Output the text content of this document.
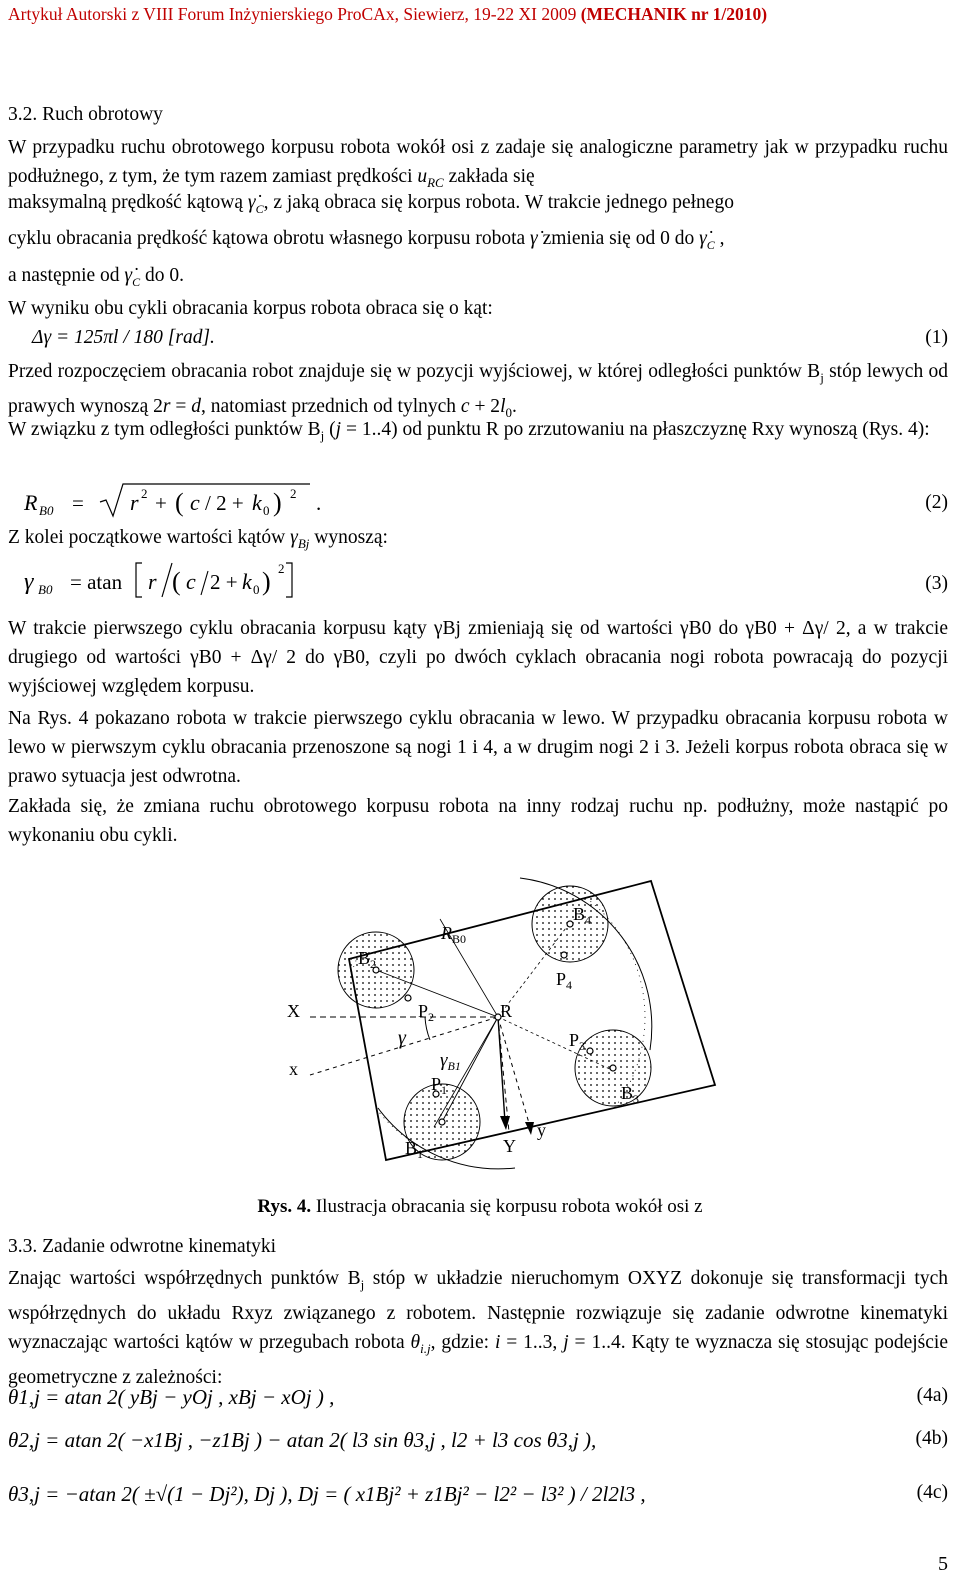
Artykuł Autorski z VIII Forum Inżynierskiego ProCAx, Siewierz, 19-22 XI 2009 (MECHANIK nr 1/2010)
3.2. Ruch obrotowy
W przypadku ruchu obrotowego korpusu robota wokół osi z zadaje się analogiczne parametry jak w przypadku ruchu podłużnego, z tym, że tym razem zamiast prędkości $u_{RC}$ zakłada się
maksymalną prędkość kątową $\gammȧ_C$, z jaką obraca się korpus robota. W trakcie jednego pełnego
cyklu obracania prędkość kątowa obrotu własnego korpusu robota γ̇ zmienia się od 0 do $\gammȧ_C$ ,
a następnie od $\gammȧ_C$ do 0.
W wyniku obu cykli obracania korpus robota obraca się o kąt:
Δγ = 125πl / 180 [rad].	(1)
Przed rozpoczęciem obracania robot znajduje się w pozycji wyjściowej, w której odległości punktów $B_j$ stóp lewych od prawych wynoszą 2r = d, natomiast przednich od tylnych $c + 2l_0$.
W związku z tym odległości punktów $B_j$ (j = 1..4) od punktu R po zrzutowaniu na płaszczyznę Rxy wynoszą (Rys. 4):
R B0 = r 2 + ( c / 2 + k 0 ) 2 .	(2)
Z kolei początkowe wartości kątów $\gamma_{Bj}$ wynoszą:
γ B0 = atan r ( c 2 + k 0 ) 2
(3)
W trakcie pierwszego cyklu obracania korpusu kąty γBj zmieniają się od wartości γB0 do γB0 + Δγ/ 2, a w trakcie drugiego od wartości γB0 + Δγ/ 2 do γB0, czyli po dwóch cyklach obracania nogi robota powracają do pozycji wyjściowej względem korpusu.
Na Rys. 4 pokazano robota w trakcie pierwszego cyklu obracania w lewo. W przypadku obracania korpusu robota w lewo w pierwszym cyklu obracania przenoszone są nogi 1 i 4, a w drugim nogi 2 i 3. Jeżeli korpus robota obraca się w prawo sytuacja jest odwrotna.
Zakłada się, że zmiana ruchu obrotowego korpusu robota na inny rodzaj ruchu np. podłużny, może nastąpić po wykonaniu obu cykli.
$B_4$
$R_{B0}$
$B_2$
$P_4$
X	$P_2$	R
γ	$P_3$
x	$\gamma_{B1}$
$P_1$	$B_3$
y
Y
$B_1$
Rys. 4. Ilustracja obracania się korpusu robota wokół osi z
3.3. Zadanie odwrotne kinematyki
Znając wartości współrzędnych punktów $B_j$ stóp w układzie nieruchomym OXYZ dokonuje się transformacji tych współrzędnych do układu Rxyz związanego z robotem. Następnie rozwiązuje się zadanie odwrotne kinematyki wyznaczając wartości kątów w przegubach robota $\theta_{i.j}$, gdzie: i = 1..3, j = 1..4. Kąty te wyznacza się stosując podejście geometryczne z zależności:
θ1,j = atan 2( yBj − yOj , xBj − xOj ) ,	(4a)
θ2,j = atan 2( −x1Bj , −z1Bj ) − atan 2( l3 sin θ3,j , l2 + l3 cos θ3,j ),	(4b)
θ3,j = −atan 2( ±√(1 − Dj²), Dj ), Dj = ( x1Bj² + z1Bj² − l2² − l3² ) / 2l2l3 ,	(4c)
5
